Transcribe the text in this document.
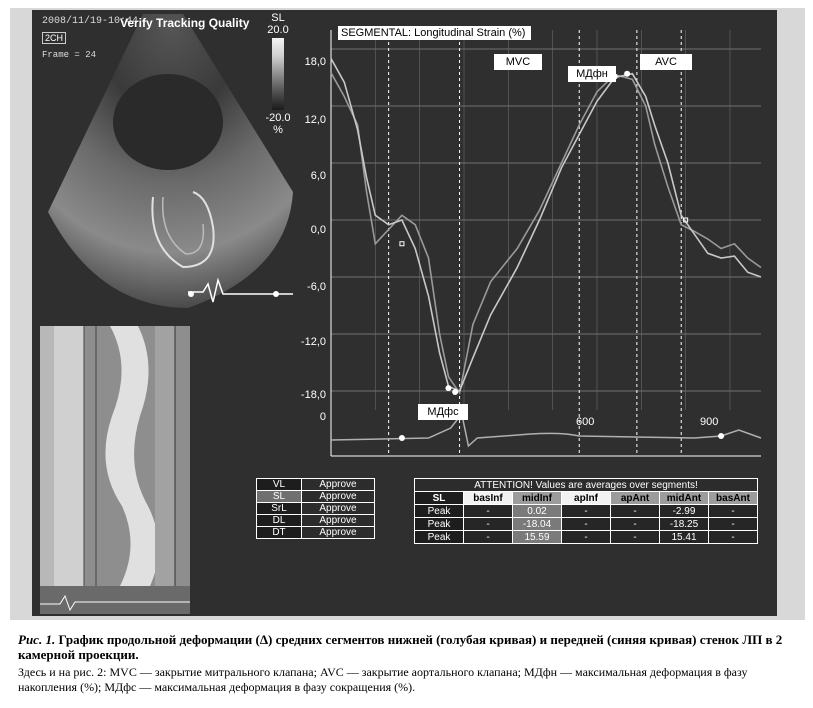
2008/11/19-10:44
Verify Tracking Quality
2CH
Frame = 24
SL
20.0
-20.0
%
SEGMENTAL: Longitudinal Strain (%)
18,0
12,0
6,0
0,0
-6,0
-12,0
-18,0
0	600	900
MVC	AVC
МДфн
МДфс
VL	Approve
SL	Approve
SrL	Approve
DL	Approve
DT	Approve
ATTENTION! Values are averages over segments!						
SL	basInf	midInf	apInf	apAnt	midAnt	basAnt
Peak	-	0.02	-	-	-2.99	-
Peak	-	-18.04	-	-	-18.25	-
Peak	-	15.59	-	-	15.41	-
Рис. 1. График продольной деформации (Δ) средних сегментов нижней (голубая кривая) и передней (синяя кривая) стенок ЛП в 2 камерной проекции.
Здесь и на рис. 2: MVC — закрытие митрального клапана; AVC — закрытие аортального клапана; МДфн — максимальная деформация в фазу накопления (%); МДфс — максимальная деформация в фазу сокращения (%).
